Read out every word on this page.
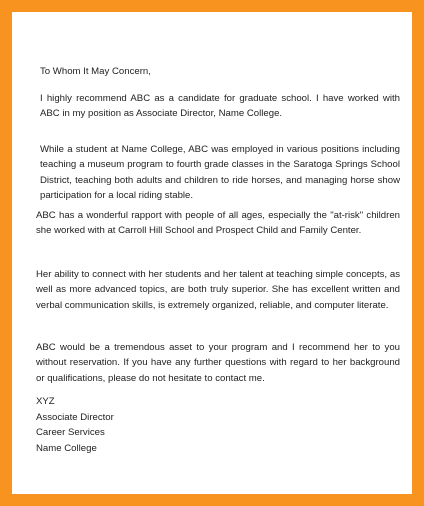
To Whom It May Concern,

I highly recommend ABC as a candidate for graduate school. I have worked with ABC in my position as Associate Director, Name College.

While a student at Name College, ABC was employed in various positions including teaching a museum program to fourth grade classes in the Saratoga Springs School District, teaching both adults and children to ride horses, and managing horse show participation for a local riding stable.

ABC has a wonderful rapport with people of all ages, especially the "at-risk" children she worked with at Carroll Hill School and Prospect Child and Family Center.

Her ability to connect with her students and her talent at teaching simple concepts, as well as more advanced topics, are both truly superior. She has excellent written and verbal communication skills, is extremely organized, reliable, and computer literate.

ABC would be a tremendous asset to your program and I recommend her to you without reservation. If you have any further questions with regard to her background or qualifications, please do not hesitate to contact me.

XYZ

Associate Director

Career Services

Name College
